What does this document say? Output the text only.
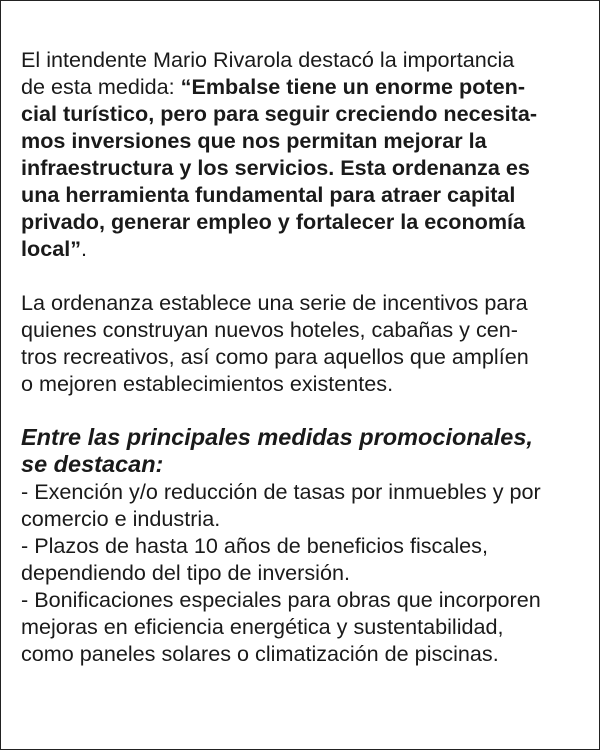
El intendente Mario Rivarola destacó la importancia
de esta medida: “Embalse tiene un enorme poten-
cial turístico, pero para seguir creciendo necesita-
mos inversiones que nos permitan mejorar la
infraestructura y los servicios. Esta ordenanza es
una herramienta fundamental para atraer capital
privado, generar empleo y fortalecer la economía
local”.

La ordenanza establece una serie de incentivos para
quienes construyan nuevos hoteles, cabañas y cen-
tros recreativos, así como para aquellos que amplíen
o mejoren establecimientos existentes.

Entre las principales medidas promocionales,
se destacan:
- Exención y/o reducción de tasas por inmuebles y por
comercio e industria.
- Plazos de hasta 10 años de beneficios fiscales,
dependiendo del tipo de inversión.
- Bonificaciones especiales para obras que incorporen
mejoras en eficiencia energética y sustentabilidad,
como paneles solares o climatización de piscinas.
